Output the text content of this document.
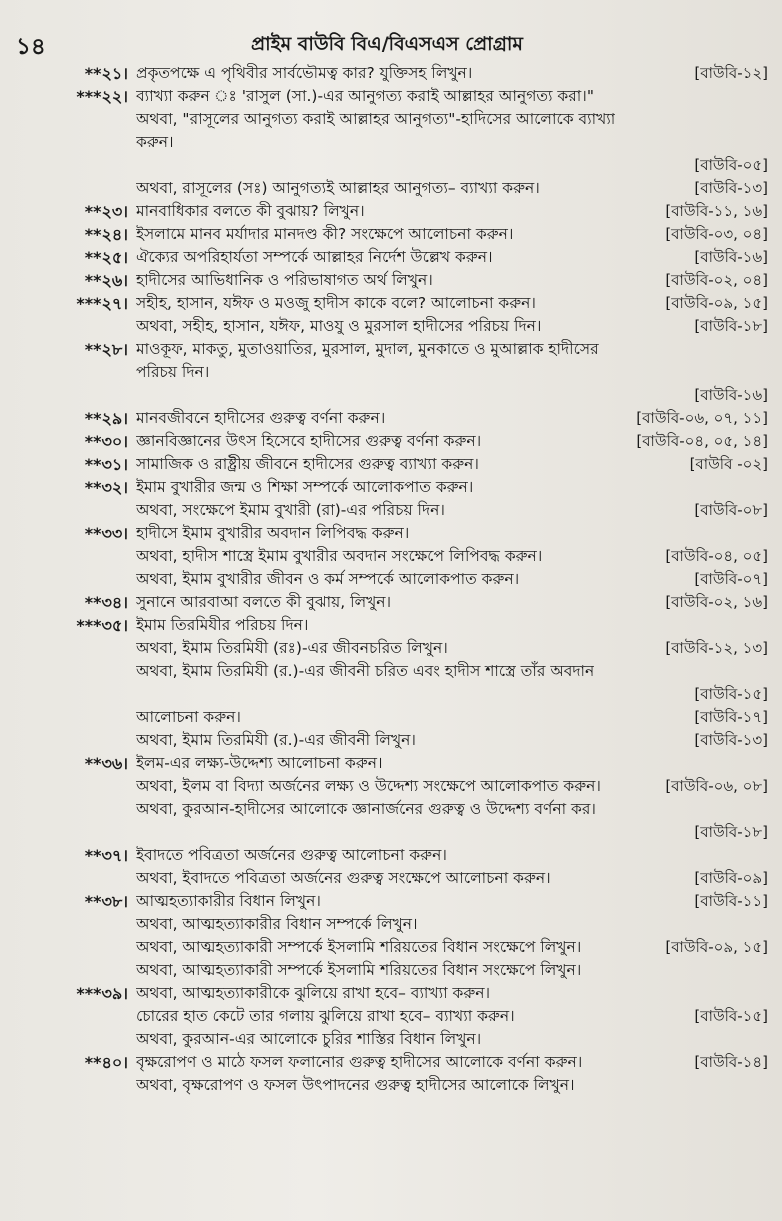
১৪	প্রাইম বাউবি বিএ/বিএসএস প্রোগ্রাম
**২১। প্রকৃতপক্ষে এ পৃথিবীর সার্বভৌমত্ব কার? যুক্তিসহ লিখুন।	[বাউবি-১২]
***২২। ব্যাখ্যা করুন ঃ 'রাসুল (সা.)-এর আনুগত্য করাই আল্লাহর আনুগত্য করা।"
অথবা, "রাসূলের আনুগত্য করাই আল্লাহর আনুগত্য"-হাদিসের আলোকে ব্যাখ্যা
করুন।
[বাউবি-০৫]
অথবা, রাসূলের (সঃ) আনুগত্যই আল্লাহর আনুগত্য– ব্যাখ্যা করুন।	[বাউবি-১৩]
**২৩। মানবাধিকার বলতে কী বুঝায়? লিখুন।	[বাউবি-১১, ১৬]
**২৪। ইসলামে মানব মর্যাদার মানদণ্ড কী? সংক্ষেপে আলোচনা করুন।	[বাউবি-০৩, ০৪]
**২৫। ঐক্যের অপরিহার্যতা সম্পর্কে আল্লাহর নির্দেশ উল্লেখ করুন।	[বাউবি-১৬]
**২৬। হাদীসের আভিধানিক ও পরিভাষাগত অর্থ লিখুন।	[বাউবি-০২, ০৪]
***২৭। সহীহ, হাসান, যঈফ ও মওজু হাদীস কাকে বলে? আলোচনা করুন।	[বাউবি-০৯, ১৫]
অথবা, সহীহ, হাসান, যঈফ, মাওযু ও মুরসাল হাদীসের পরিচয় দিন।	[বাউবি-১৮]
**২৮। মাওকূফ, মাকতু, মুতাওয়াতির, মুরসাল, মুদাল, মুনকাতে ও মুআল্লাক হাদীসের
পরিচয় দিন।
[বাউবি-১৬]
**২৯। মানবজীবনে হাদীসের গুরুত্ব বর্ণনা করুন।	[বাউবি-০৬, ০৭, ১১]
**৩০। জ্ঞানবিজ্ঞানের উৎস হিসেবে হাদীসের গুরুত্ব বর্ণনা করুন।	[বাউবি-০৪, ০৫, ১৪]
**৩১। সামাজিক ও রাষ্ট্রীয় জীবনে হাদীসের গুরুত্ব ব্যাখ্যা করুন।	[বাউবি -০২]
**৩২। ইমাম বুখারীর জন্ম ও শিক্ষা সম্পর্কে আলোকপাত করুন।
অথবা, সংক্ষেপে ইমাম বুখারী (রা)-এর পরিচয় দিন।	[বাউবি-০৮]
**৩৩। হাদীসে ইমাম বুখারীর অবদান লিপিবদ্ধ করুন।
অথবা, হাদীস শাস্ত্রে ইমাম বুখারীর অবদান সংক্ষেপে লিপিবদ্ধ করুন।	[বাউবি-০৪, ০৫]
অথবা, ইমাম বুখারীর জীবন ও কর্ম সম্পর্কে আলোকপাত করুন।	[বাউবি-০৭]
**৩৪। সুনানে আরবাআ বলতে কী বুঝায়, লিখুন।	[বাউবি-০২, ১৬]
***৩৫। ইমাম তিরমিযীর পরিচয় দিন।
অথবা, ইমাম তিরমিযী (রঃ)-এর জীবনচরিত লিখুন।	[বাউবি-১২, ১৩]
অথবা, ইমাম তিরমিযী (র.)-এর জীবনী চরিত এবং হাদীস শাস্ত্রে তাঁর অবদান
[বাউবি-১৫]
আলোচনা করুন।	[বাউবি-১৭]
অথবা, ইমাম তিরমিযী (র.)-এর জীবনী লিখুন।	[বাউবি-১৩]
**৩৬। ইলম-এর লক্ষ্য-উদ্দেশ্য আলোচনা করুন।
অথবা, ইলম বা বিদ্যা অর্জনের লক্ষ্য ও উদ্দেশ্য সংক্ষেপে আলোকপাত করুন।	[বাউবি-০৬, ০৮]
অথবা, কুরআন-হাদীসের আলোকে জ্ঞানার্জনের গুরুত্ব ও উদ্দেশ্য বর্ণনা কর।
[বাউবি-১৮]
**৩৭। ইবাদতে পবিত্রতা অর্জনের গুরুত্ব আলোচনা করুন।
অথবা, ইবাদতে পবিত্রতা অর্জনের গুরুত্ব সংক্ষেপে আলোচনা করুন।	[বাউবি-০৯]
**৩৮। আত্মহত্যাকারীর বিধান লিখুন।	[বাউবি-১১]
অথবা, আত্মহত্যাকারীর বিধান সম্পর্কে লিখুন।
অথবা, আত্মহত্যাকারী সম্পর্কে ইসলামি শরিয়তের বিধান সংক্ষেপে লিখুন।	[বাউবি-০৯, ১৫]
অথবা, আত্মহত্যাকারী সম্পর্কে ইসলামি শরিয়তের বিধান সংক্ষেপে লিখুন।
***৩৯। অথবা, আত্মহত্যাকারীকে ঝুলিয়ে রাখা হবে– ব্যাখ্যা করুন।
চোরের হাত কেটে তার গলায় ঝুলিয়ে রাখা হবে– ব্যাখ্যা করুন।	[বাউবি-১৫]
অথবা, কুরআন-এর আলোকে চুরির শাস্তির বিধান লিখুন।
**৪০। বৃক্ষরোপণ ও মাঠে ফসল ফলানোর গুরুত্ব হাদীসের আলোকে বর্ণনা করুন।	[বাউবি-১৪]
অথবা, বৃক্ষরোপণ ও ফসল উৎপাদনের গুরুত্ব হাদীসের আলোকে লিখুন।
